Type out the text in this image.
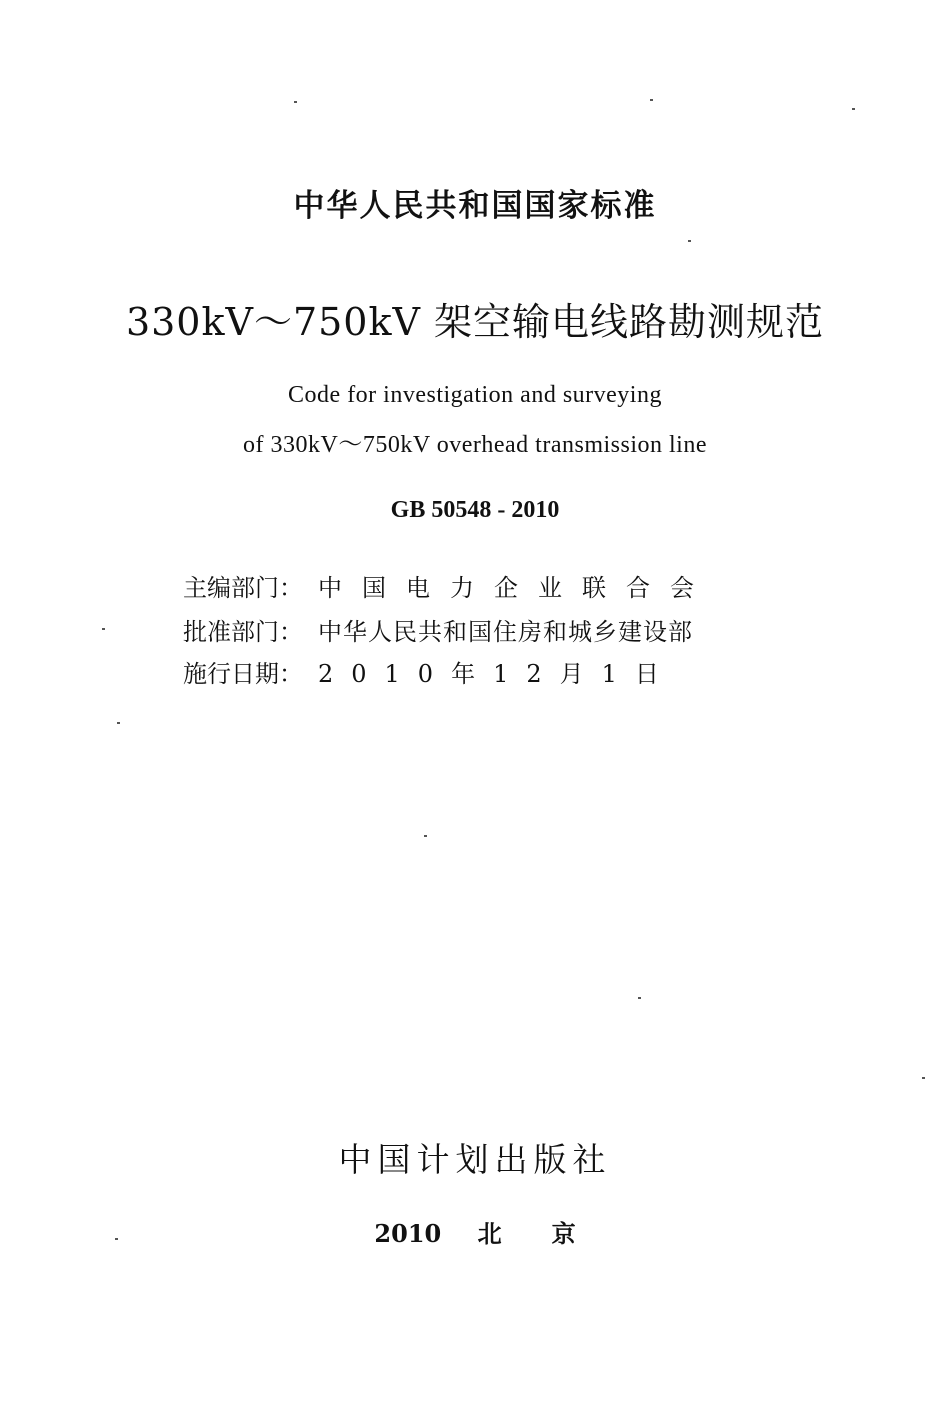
中华人民共和国国家标准
330kV～750kV 架空输电线路勘测规范
Code for investigation and surveying
of 330kV～750kV overhead transmission line
GB 50548 - 2010
主编部门： 中国电力企业联合会
批准部门： 中华人民共和国住房和城乡建设部
施行日期： 2010年12月1日
中国计划出版社
2010 北京
